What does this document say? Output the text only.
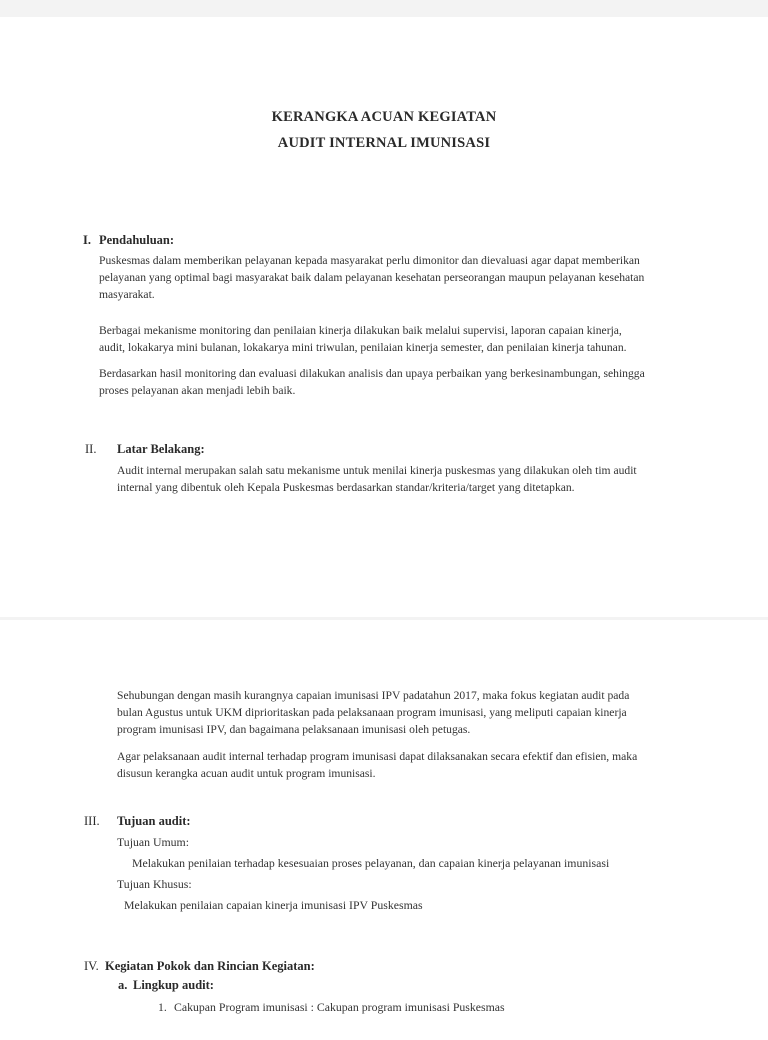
KERANGKA ACUAN KEGIATAN
AUDIT INTERNAL IMUNISASI
I. Pendahuluan:
Puskesmas dalam memberikan pelayanan kepada masyarakat perlu dimonitor dan dievaluasi agar dapat memberikan
pelayanan yang optimal bagi masyarakat baik dalam pelayanan kesehatan perseorangan maupun pelayanan kesehatan
masyarakat.
Berbagai mekanisme monitoring dan penilaian kinerja dilakukan baik melalui supervisi, laporan capaian kinerja,
audit, lokakarya mini bulanan, lokakarya mini triwulan, penilaian kinerja semester, dan penilaian kinerja tahunan.
Berdasarkan hasil monitoring dan evaluasi dilakukan analisis dan upaya perbaikan yang berkesinambungan, sehingga
proses pelayanan akan menjadi lebih baik.
II. Latar Belakang:
Audit internal merupakan salah satu mekanisme untuk menilai kinerja puskesmas yang dilakukan oleh tim audit
internal yang dibentuk oleh Kepala Puskesmas berdasarkan standar/kriteria/target yang ditetapkan.
Sehubungan dengan masih kurangnya capaian imunisasi IPV padatahun 2017, maka fokus kegiatan audit pada
bulan Agustus untuk UKM diprioritaskan pada pelaksanaan program imunisasi, yang meliputi capaian kinerja
program imunisasi IPV, dan bagaimana pelaksanaan imunisasi oleh petugas.
Agar pelaksanaan audit internal terhadap program imunisasi dapat dilaksanakan secara efektif dan efisien, maka
disusun kerangka acuan audit untuk program imunisasi.
III. Tujuan audit:
Tujuan Umum:
Melakukan penilaian terhadap kesesuaian proses pelayanan, dan capaian kinerja pelayanan imunisasi
Tujuan Khusus:
Melakukan penilaian capaian kinerja imunisasi IPV Puskesmas
IV. Kegiatan Pokok dan Rincian Kegiatan:
a. Lingkup audit:
1. Cakupan Program imunisasi : Cakupan program imunisasi Puskesmas
